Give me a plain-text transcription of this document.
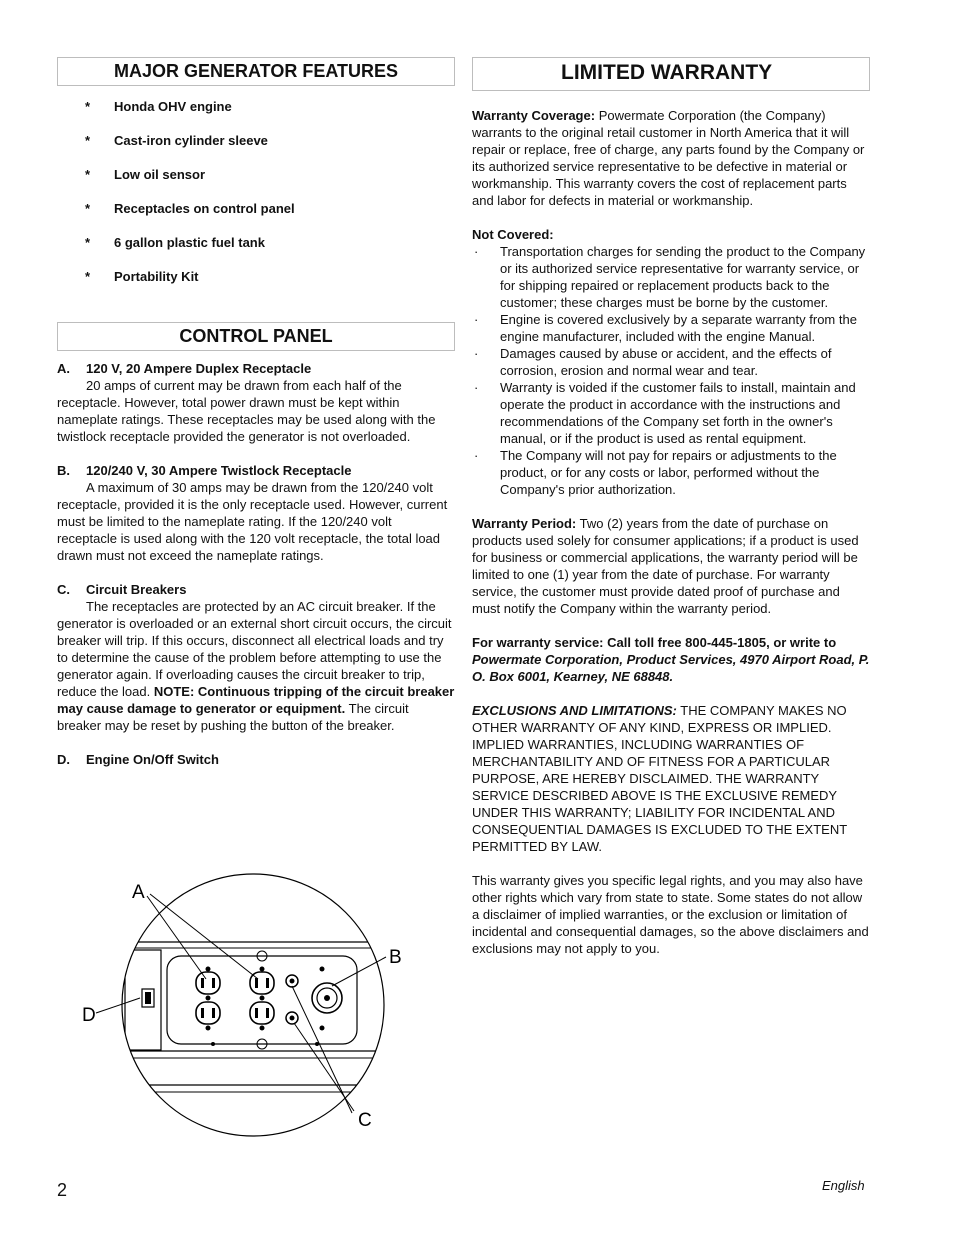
MAJOR GENERATOR FEATURES
* Honda OHV engine
* Cast-iron cylinder sleeve
* Low oil sensor
* Receptacles on control panel
* 6 gallon plastic fuel tank
* Portability Kit
CONTROL PANEL

A. 120 V, 20 Ampere Duplex Receptacle

20 amps of current may be drawn from each half of the receptacle. However, total power drawn must be kept within nameplate ratings. These receptacles may be used along with the twistlock receptacle provided the generator is not overloaded.

B. 120/240 V, 30 Ampere Twistlock Receptacle

A maximum of 30 amps may be drawn from the 120/240 volt receptacle, provided it is the only receptacle used. However, current must be limited to the nameplate rating. If the 120/240 volt receptacle is used along with the 120 volt receptacle, the total load drawn must not exceed the nameplate ratings.

C. Circuit Breakers

The receptacles are protected by an AC circuit breaker. If the generator is overloaded or an external short circuit occurs, the circuit breaker will trip. If this occurs, disconnect all electrical loads and try to determine the cause of the problem before attempting to use the generator again. If overloading causes the circuit breaker to trip, reduce the load. NOTE: Continuous tripping of the circuit breaker may cause damage to generator or equipment. The circuit breaker may be reset by pushing the button of the breaker.

D. Engine On/Off Switch

A
B
D
C
LIMITED WARRANTY

Warranty Coverage: Powermate Corporation (the Company) warrants to the original retail customer in North America that it will repair or replace, free of charge, any parts found by the Company or its authorized service representative to be defective in material or workmanship. This warranty covers the cost of replacement parts and labor for defects in material or workmanship.

Not Covered:

· Transportation charges for sending the product to the Company or its authorized service representative for warranty service, or for shipping repaired or replacement products back to the customer; these charges must be borne by the customer.
· Engine is covered exclusively by a separate warranty from the engine manufacturer, included with the engine Manual.
· Damages caused by abuse or accident, and the effects of corrosion, erosion and normal wear and tear.
· Warranty is voided if the customer fails to install, maintain and operate the product in accordance with the instructions and recommendations of the Company set forth in the owner's manual, or if the product is used as rental equipment.
· The Company will not pay for repairs or adjustments to the product, or for any costs or labor, performed without the Company's prior authorization.

Warranty Period: Two (2) years from the date of purchase on products used solely for consumer applications; if a product is used for business or commercial applications, the warranty period will be limited to one (1) year from the date of purchase. For warranty service, the customer must provide dated proof of purchase and must notify the Company within the warranty period.

For warranty service: Call toll free 800-445-1805, or write to Powermate Corporation, Product Services, 4970 Airport Road, P. O. Box 6001, Kearney, NE 68848.

EXCLUSIONS AND LIMITATIONS: THE COMPANY MAKES NO OTHER WARRANTY OF ANY KIND, EXPRESS OR IMPLIED. IMPLIED WARRANTIES, INCLUDING WARRANTIES OF MERCHANTABILITY AND OF FITNESS FOR A PARTICULAR PURPOSE, ARE HEREBY DISCLAIMED. THE WARRANTY SERVICE DESCRIBED ABOVE IS THE EXCLUSIVE REMEDY UNDER THIS WARRANTY; LIABILITY FOR INCIDENTAL AND CONSEQUENTIAL DAMAGES IS EXCLUDED TO THE EXTENT PERMITTED BY LAW.

This warranty gives you specific legal rights, and you may also have other rights which vary from state to state. Some states do not allow a disclaimer of implied warranties, or the exclusion or limitation of incidental and consequential damages, so the above disclaimers and exclusions may not apply to you.

2	English
